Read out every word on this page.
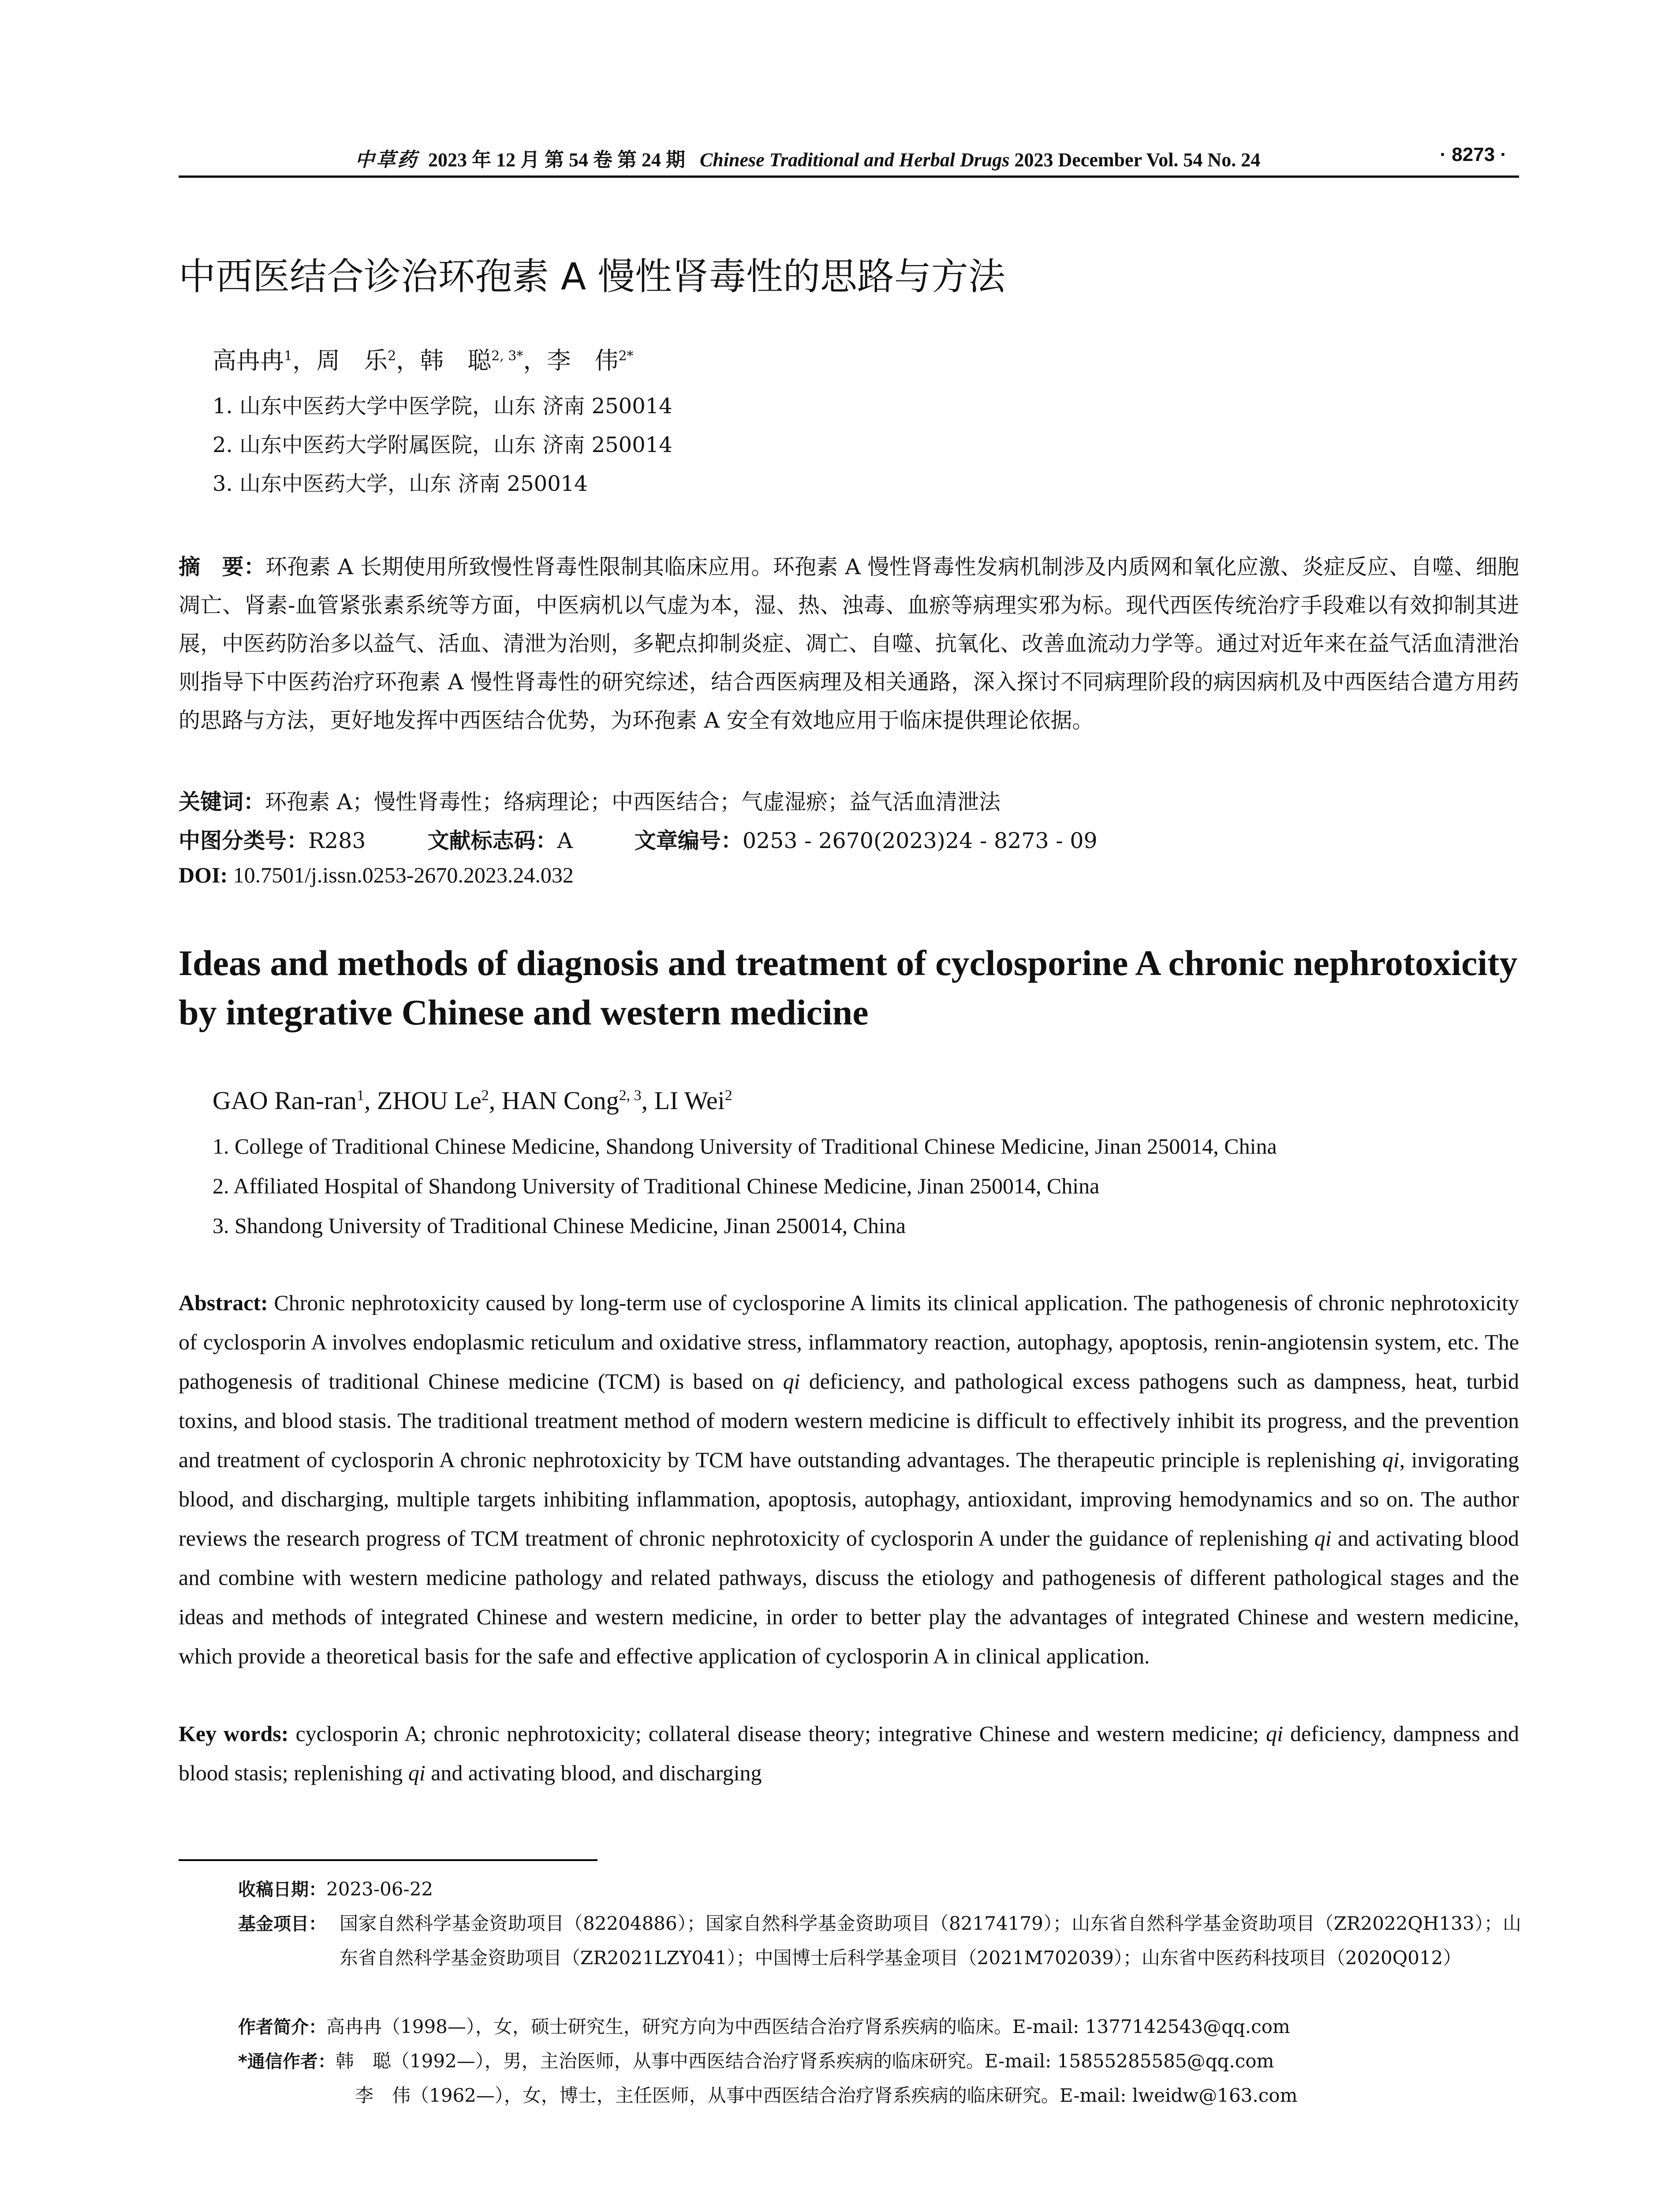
中草药 2023 年 12 月 第 54 卷 第 24 期 Chinese Traditional and Herbal Drugs 2023 December Vol. 54 No. 24	· 8273 ·
中西医结合诊治环孢素 A 慢性肾毒性的思路与方法
高冉冉$^1$，周　乐$^2$，韩　聪$^{2, 3*}$，李　伟$^{2*}$
1. 山东中医药大学中医学院，山东 济南 250014
2. 山东中医药大学附属医院，山东 济南 250014
3. 山东中医药大学，山东 济南 250014

摘　要：环孢素 A 长期使用所致慢性肾毒性限制其临床应用。环孢素 A 慢性肾毒性发病机制涉及内质网和氧化应激、炎症反应、自噬、细胞凋亡、肾素-血管紧张素系统等方面，中医病机以气虚为本，湿、热、浊毒、血瘀等病理实邪为标。现代西医传统治疗手段难以有效抑制其进展，中医药防治多以益气、活血、清泄为治则，多靶点抑制炎症、凋亡、自噬、抗氧化、改善血流动力学等。通过对近年来在益气活血清泄治则指导下中医药治疗环孢素 A 慢性肾毒性的研究综述，结合西医病理及相关通路，深入探讨不同病理阶段的病因病机及中西医结合遣方用药的思路与方法，更好地发挥中西医结合优势，为环孢素 A 安全有效地应用于临床提供理论依据。

关键词：环孢素 A；慢性肾毒性；络病理论；中西医结合；气虚湿瘀；益气活血清泄法
中图分类号：R283	文献标志码：A	文章编号：0253 - 2670(2023)24 - 8273 - 09
DOI: 10.7501/j.issn.0253-2670.2023.24.032

Ideas and methods of diagnosis and treatment of cyclosporine A chronic nephrotoxicity by integrative Chinese and western medicine

GAO Ran-ran$^1$, ZHOU Le$^2$, HAN Cong$^{2, 3}$, LI Wei$^2$
1. College of Traditional Chinese Medicine, Shandong University of Traditional Chinese Medicine, Jinan 250014, China
2. Affiliated Hospital of Shandong University of Traditional Chinese Medicine, Jinan 250014, China
3. Shandong University of Traditional Chinese Medicine, Jinan 250014, China

Abstract: Chronic nephrotoxicity caused by long-term use of cyclosporine A limits its clinical application. The pathogenesis of chronic nephrotoxicity of cyclosporin A involves endoplasmic reticulum and oxidative stress, inflammatory reaction, autophagy, apoptosis, renin-angiotensin system, etc. The pathogenesis of traditional Chinese medicine (TCM) is based on qi deficiency, and pathological excess pathogens such as dampness, heat, turbid toxins, and blood stasis. The traditional treatment method of modern western medicine is difficult to effectively inhibit its progress, and the prevention and treatment of cyclosporin A chronic nephrotoxicity by TCM have outstanding advantages. The therapeutic principle is replenishing qi, invigorating blood, and discharging, multiple targets inhibiting inflammation, apoptosis, autophagy, antioxidant, improving hemodynamics and so on. The author reviews the research progress of TCM treatment of chronic nephrotoxicity of cyclosporin A under the guidance of replenishing qi and activating blood and combine with western medicine pathology and related pathways, discuss the etiology and pathogenesis of different pathological stages and the ideas and methods of integrated Chinese and western medicine, in order to better play the advantages of integrated Chinese and western medicine, which provide a theoretical basis for the safe and effective application of cyclosporin A in clinical application.

Key words: cyclosporin A; chronic nephrotoxicity; collateral disease theory; integrative Chinese and western medicine; qi deficiency, dampness and blood stasis; replenishing qi and activating blood, and discharging

收稿日期：2023-06-22
基金项目： 国家自然科学基金资助项目（82204886）；国家自然科学基金资助项目（82174179）；山东省自然科学基金资助项目（ZR2022QH133）；山东省自然科学基金资助项目（ZR2021LZY041）；中国博士后科学基金项目（2021M702039）；山东省中医药科技项目（2020Q012）
作者简介：高冉冉（1998—），女，硕士研究生，研究方向为中西医结合治疗肾系疾病的临床。E-mail: 1377142543@qq.com
*通信作者：韩　聪（1992—），男，主治医师，从事中西医结合治疗肾系疾病的临床研究。E-mail: 15855285585@qq.com
李　伟（1962—），女，博士，主任医师，从事中西医结合治疗肾系疾病的临床研究。E-mail: lweidw@163.com
